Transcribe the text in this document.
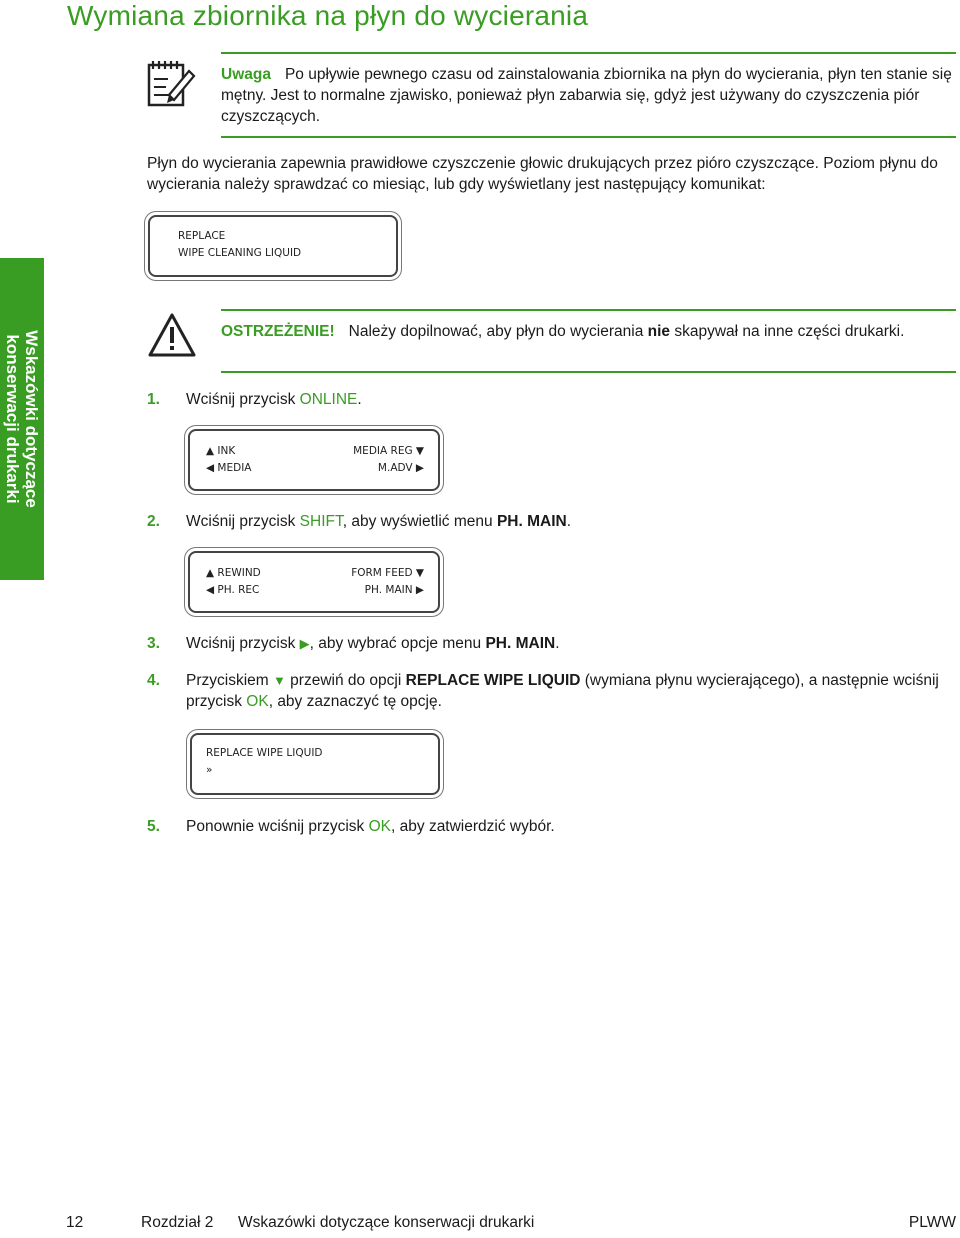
Wymiana zbiornika na płyn do wycierania

Uwaga Po upływie pewnego czasu od zainstalowania zbiornika na płyn do wycierania, płyn ten stanie się mętny. Jest to normalne zjawisko, ponieważ płyn zabarwia się, gdyż jest używany do czyszczenia piór czyszczących.

Płyn do wycierania zapewnia prawidłowe czyszczenie głowic drukujących przez pióro czyszczące. Poziom płynu do wycierania należy sprawdzać co miesiąc, lub gdy wyświetlany jest następujący komunikat:

REPLACE
WIPE CLEANING LIQUID
Wskazówki dotyczące
konserwacji drukarki

OSTRZEŻENIE! Należy dopilnować, aby płyn do wycierania nie skapywał na inne części drukarki.

1. Wciśnij przycisk ONLINE.
▲ INK	MEDIA REG ▼
◀ MEDIA	M.ADV ▶
2. Wciśnij przycisk SHIFT, aby wyświetlić menu PH. MAIN.
▲ REWIND	FORM FEED ▼
◀ PH. REC	PH. MAIN ▶
3. Wciśnij przycisk ▶, aby wybrać opcje menu PH. MAIN.
4. Przyciskiem ▼ przewiń do opcji REPLACE WIPE LIQUID (wymiana płynu wycierającego), a następnie wciśnij przycisk OK, aby zaznaczyć tę opcję.
REPLACE WIPE LIQUID
»
5. Ponownie wciśnij przycisk OK, aby zatwierdzić wybór.
12	Rozdział 2 Wskazówki dotyczące konserwacji drukarki	PLWW
